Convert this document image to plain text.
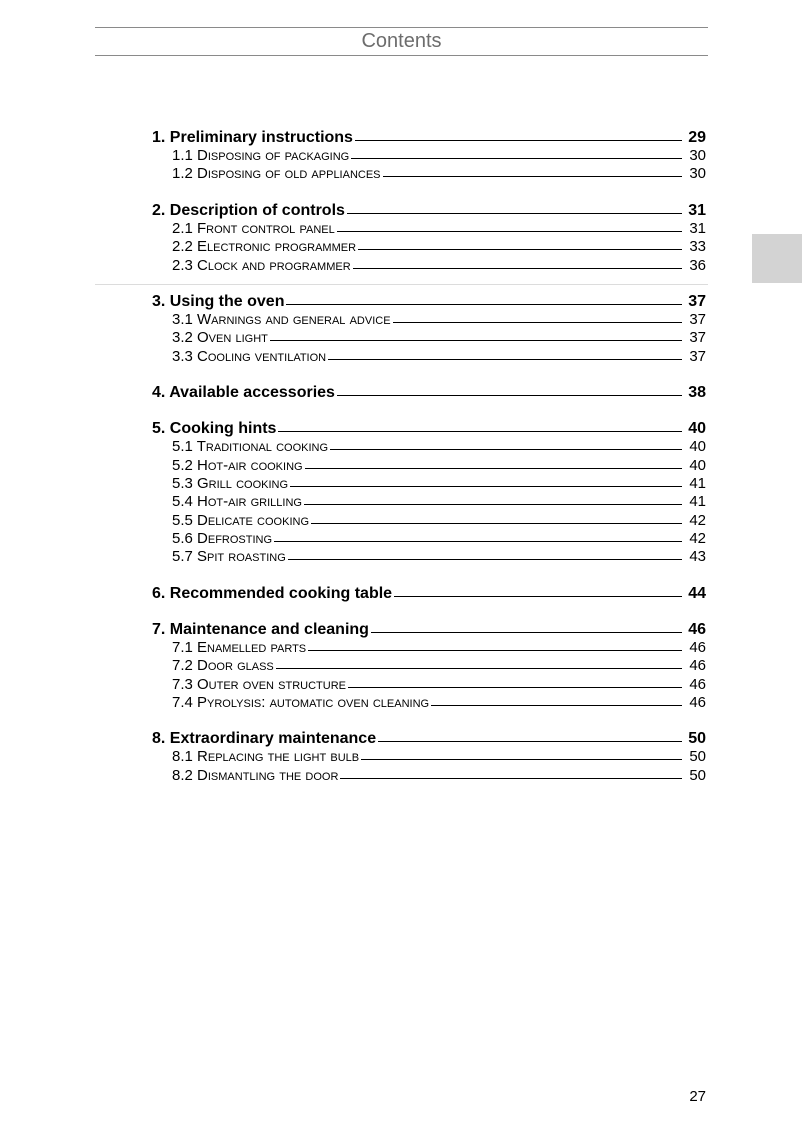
Contents
1. Preliminary instructions	29
1.1 Disposing of packaging	30
1.2 Disposing of old appliances	30
2. Description of controls	31
2.1 Front control panel	31
2.2 Electronic programmer	33
2.3 Clock and programmer	36
3. Using the oven	37
3.1 Warnings and general advice	37
3.2 Oven light	37
3.3 Cooling ventilation	37
4. Available accessories	38
5. Cooking hints	40
5.1 Traditional cooking	40
5.2 Hot-air cooking	40
5.3 Grill cooking	41
5.4 Hot-air grilling	41
5.5 Delicate cooking	42
5.6 Defrosting	42
5.7 Spit roasting	43
6. Recommended cooking table	44
7. Maintenance and cleaning	46
7.1 Enamelled parts	46
7.2 Door glass	46
7.3 Outer oven structure	46
7.4 Pyrolysis: automatic oven cleaning	46
8. Extraordinary maintenance	50
8.1 Replacing the light bulb	50
8.2 Dismantling the door	50
27
